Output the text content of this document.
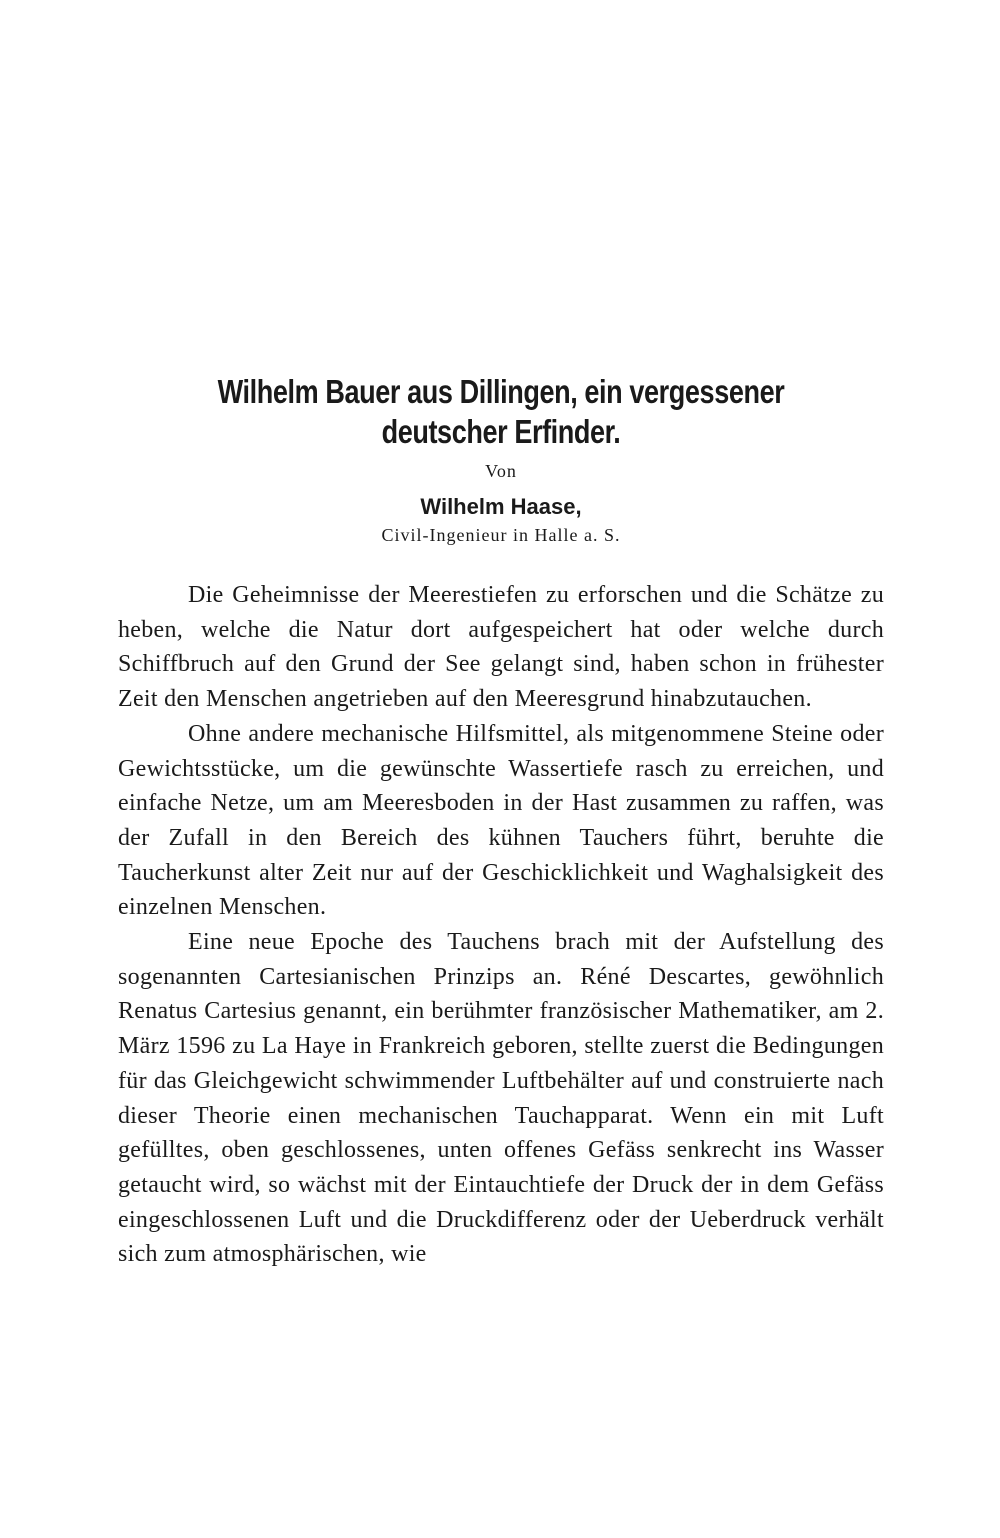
Wilhelm Bauer aus Dillingen, ein vergessener
deutscher Erfinder.
Von
Wilhelm Haase,
Civil-Ingenieur in Halle a. S.

Die Geheimnisse der Meerestiefen zu erforschen und die Schätze zu heben, welche die Natur dort aufgespeichert hat oder welche durch Schiffbruch auf den Grund der See gelangt sind, haben schon in frühester Zeit den Menschen angetrieben auf den Meeresgrund hinabzutauchen.

Ohne andere mechanische Hilfsmittel, als mitgenommene Steine oder Gewichtsstücke, um die gewünschte Wassertiefe rasch zu erreichen, und einfache Netze, um am Meeresboden in der Hast zusammen zu raffen, was der Zufall in den Bereich des kühnen Tauchers führt, beruhte die Taucherkunst alter Zeit nur auf der Geschicklichkeit und Waghalsigkeit des einzelnen Menschen.

Eine neue Epoche des Tauchens brach mit der Aufstellung des sogenannten Cartesianischen Prinzips an. Réné Descartes, gewöhnlich Renatus Cartesius genannt, ein berühmter französischer Mathematiker, am 2. März 1596 zu La Haye in Frankreich geboren, stellte zuerst die Bedingungen für das Gleichgewicht schwimmender Luftbehälter auf und construierte nach dieser Theorie einen mechanischen Tauchapparat. Wenn ein mit Luft gefülltes, oben geschlossenes, unten offenes Gefäss senkrecht ins Wasser getaucht wird, so wächst mit der Eintauchtiefe der Druck der in dem Gefäss eingeschlossenen Luft und die Druckdifferenz oder der Ueberdruck verhält sich zum atmosphärischen, wie
